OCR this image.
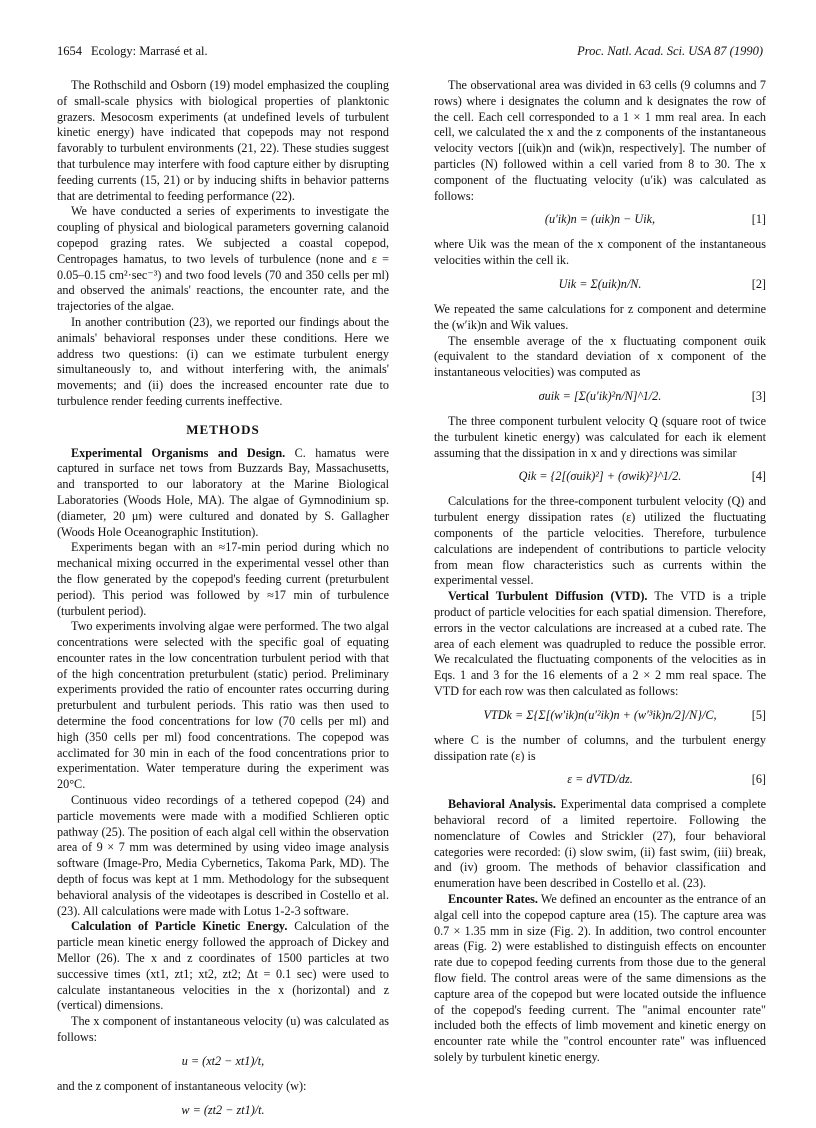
1654 Ecology: Marrasé et al.	Proc. Natl. Acad. Sci. USA 87 (1990)

The Rothschild and Osborn (19) model emphasized the coupling of small-scale physics with biological properties of planktonic grazers. Mesocosm experiments (at undefined levels of turbulent kinetic energy) have indicated that copepods may not respond favorably to turbulent environments (21, 22). These studies suggest that turbulence may interfere with food capture either by disrupting feeding currents (15, 21) or by inducing shifts in behavior patterns that are detrimental to feeding performance (22).

We have conducted a series of experiments to investigate the coupling of physical and biological parameters governing calanoid copepod grazing rates. We subjected a coastal copepod, Centropages hamatus, to two levels of turbulence (none and ε = 0.05–0.15 cm²·sec⁻³) and two food levels (70 and 350 cells per ml) and observed the animals' reactions, the encounter rate, and the trajectories of the algae.

In another contribution (23), we reported our findings about the animals' behavioral responses under these conditions. Here we address two questions: (i) can we estimate turbulent energy simultaneously to, and without interfering with, the animals' movements; and (ii) does the increased encounter rate due to turbulence render feeding currents ineffective.

METHODS

Experimental Organisms and Design. C. hamatus were captured in surface net tows from Buzzards Bay, Massachusetts, and transported to our laboratory at the Marine Biological Laboratories (Woods Hole, MA). The algae of Gymnodinium sp. (diameter, 20 μm) were cultured and donated by S. Gallagher (Woods Hole Oceanographic Institution).

Experiments began with an ≈17-min period during which no mechanical mixing occurred in the experimental vessel other than the flow generated by the copepod's feeding current (preturbulent period). This period was followed by ≈17 min of turbulence (turbulent period).

Two experiments involving algae were performed. The two algal concentrations were selected with the specific goal of equating encounter rates in the low concentration turbulent period with that of the high concentration preturbulent (static) period. Preliminary experiments provided the ratio of encounter rates occurring during preturbulent and turbulent periods. This ratio was then used to determine the food concentrations for low (70 cells per ml) and high (350 cells per ml) food concentrations. The copepod was acclimated for 30 min in each of the food concentrations prior to experimentation. Water temperature during the experiment was 20°C.

Continuous video recordings of a tethered copepod (24) and particle movements were made with a modified Schlieren optic pathway (25). The position of each algal cell within the observation area of 9 × 7 mm was determined by using video image analysis software (Image-Pro, Media Cybernetics, Takoma Park, MD). The depth of focus was kept at 1 mm. Methodology for the subsequent behavioral analysis of the videotapes is described in Costello et al. (23). All calculations were made with Lotus 1-2-3 software.

Calculation of Particle Kinetic Energy. Calculation of the particle mean kinetic energy followed the approach of Dickey and Mellor (26). The x and z coordinates of 1500 particles at two successive times (xt1, zt1; xt2, zt2; Δt = 0.1 sec) were used to calculate instantaneous velocities in the x (horizontal) and z (vertical) dimensions.

The x component of instantaneous velocity (u) was calculated as follows:

u = (xt2 − xt1)/t,

and the z component of instantaneous velocity (w):

w = (zt2 − zt1)/t.

The observational area was divided in 63 cells (9 columns and 7 rows) where i designates the column and k designates the row of the cell. Each cell corresponded to a 1 × 1 mm real area. In each cell, we calculated the x and the z components of the instantaneous velocity vectors [(uik)n and (wik)n, respectively]. The number of particles (N) followed within a cell varied from 8 to 30. The x component of the fluctuating velocity (u′ik) was calculated as follows:

(u′ik)n = (uik)n − Uik,	[1]

where Uik was the mean of the x component of the instantaneous velocities within the cell ik.

Uik = Σ(uik)n/N.	[2]

We repeated the same calculations for z component and determine the (w′ik)n and Wik values.

The ensemble average of the x fluctuating component σuik (equivalent to the standard deviation of x component of the instantaneous velocities) was computed as

σuik = [Σ(u′ik)²n/N]^1/2.	[3]

The three component turbulent velocity Q (square root of twice the turbulent kinetic energy) was calculated for each ik element assuming that the dissipation in x and y directions was similar

Qik = {2[(σuik)²] + (σwik)²}^1/2.	[4]

Calculations for the three-component turbulent velocity (Q) and turbulent energy dissipation rates (ε) utilized the fluctuating components of the particle velocities. Therefore, turbulence calculations are independent of contributions to particle velocity from mean flow characteristics such as currents within the experimental vessel.

Vertical Turbulent Diffusion (VTD). The VTD is a triple product of particle velocities for each spatial dimension. Therefore, errors in the vector calculations are increased at a cubed rate. The area of each element was quadrupled to reduce the possible error. We recalculated the fluctuating components of the velocities as in Eqs. 1 and 3 for the 16 elements of a 2 × 2 mm real space. The VTD for each row was then calculated as follows:

VTDk = Σ{Σ[(w′ik)n(u′²ik)n + (w′³ik)n/2]/N}/C,	[5]

where C is the number of columns, and the turbulent energy dissipation rate (ε) is

ε = dVTD/dz.	[6]

Behavioral Analysis. Experimental data comprised a complete behavioral record of a limited repertoire. Following the nomenclature of Cowles and Strickler (27), four behavioral categories were recorded: (i) slow swim, (ii) fast swim, (iii) break, and (iv) groom. The methods of behavior classification and enumeration have been described in Costello et al. (23).

Encounter Rates. We defined an encounter as the entrance of an algal cell into the copepod capture area (15). The capture area was 0.7 × 1.35 mm in size (Fig. 2). In addition, two control encounter areas (Fig. 2) were established to distinguish effects on encounter rate due to copepod feeding currents from those due to the general flow field. The control areas were of the same dimensions as the capture area of the copepod but were located outside the influence of the copepod's feeding current. The "animal encounter rate" included both the effects of limb movement and kinetic energy on encounter rate while the "control encounter rate" was influenced solely by turbulent kinetic energy.
